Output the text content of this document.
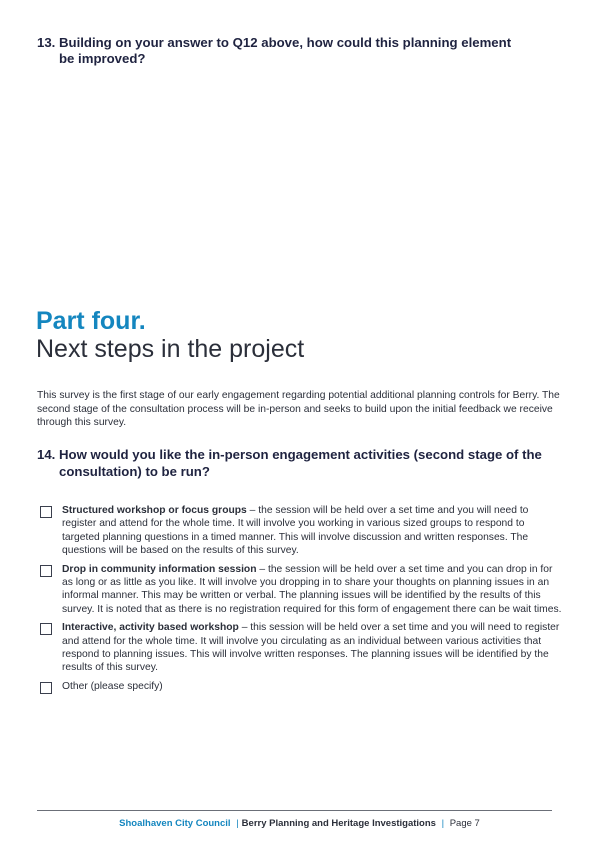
13. Building on your answer to Q12 above, how could this planning element
be improved?
Part four.
Next steps in the project
This survey is the first stage of our early engagement regarding potential additional planning controls for Berry. The second stage of the consultation process will be in-person and seeks to build upon the initial feedback we receive through this survey.
14. How would you like the in-person engagement activities (second stage of the
consultation) to be run?
Structured workshop or focus groups – the session will be held over a set time and you will need to register and attend for the whole time. It will involve you working in various sized groups to respond to targeted planning questions in a timed manner. This will involve discussion and written responses. The questions will be based on the results of this survey.
Drop in community information session – the session will be held over a set time and you can drop in for as long or as little as you like. It will involve you dropping in to share your thoughts on planning issues in an informal manner. This may be written or verbal. The planning issues will be identified by the results of this survey. It is noted that as there is no registration required for this form of engagement there can be wait times.
Interactive, activity based workshop – this session will be held over a set time and you will need to register and attend for the whole time. It will involve you circulating as an individual between various activities that respond to planning issues. This will involve written responses. The planning issues will be identified by the results of this survey.
Other (please specify)
Shoalhaven City Council | Berry Planning and Heritage Investigations | Page 7
